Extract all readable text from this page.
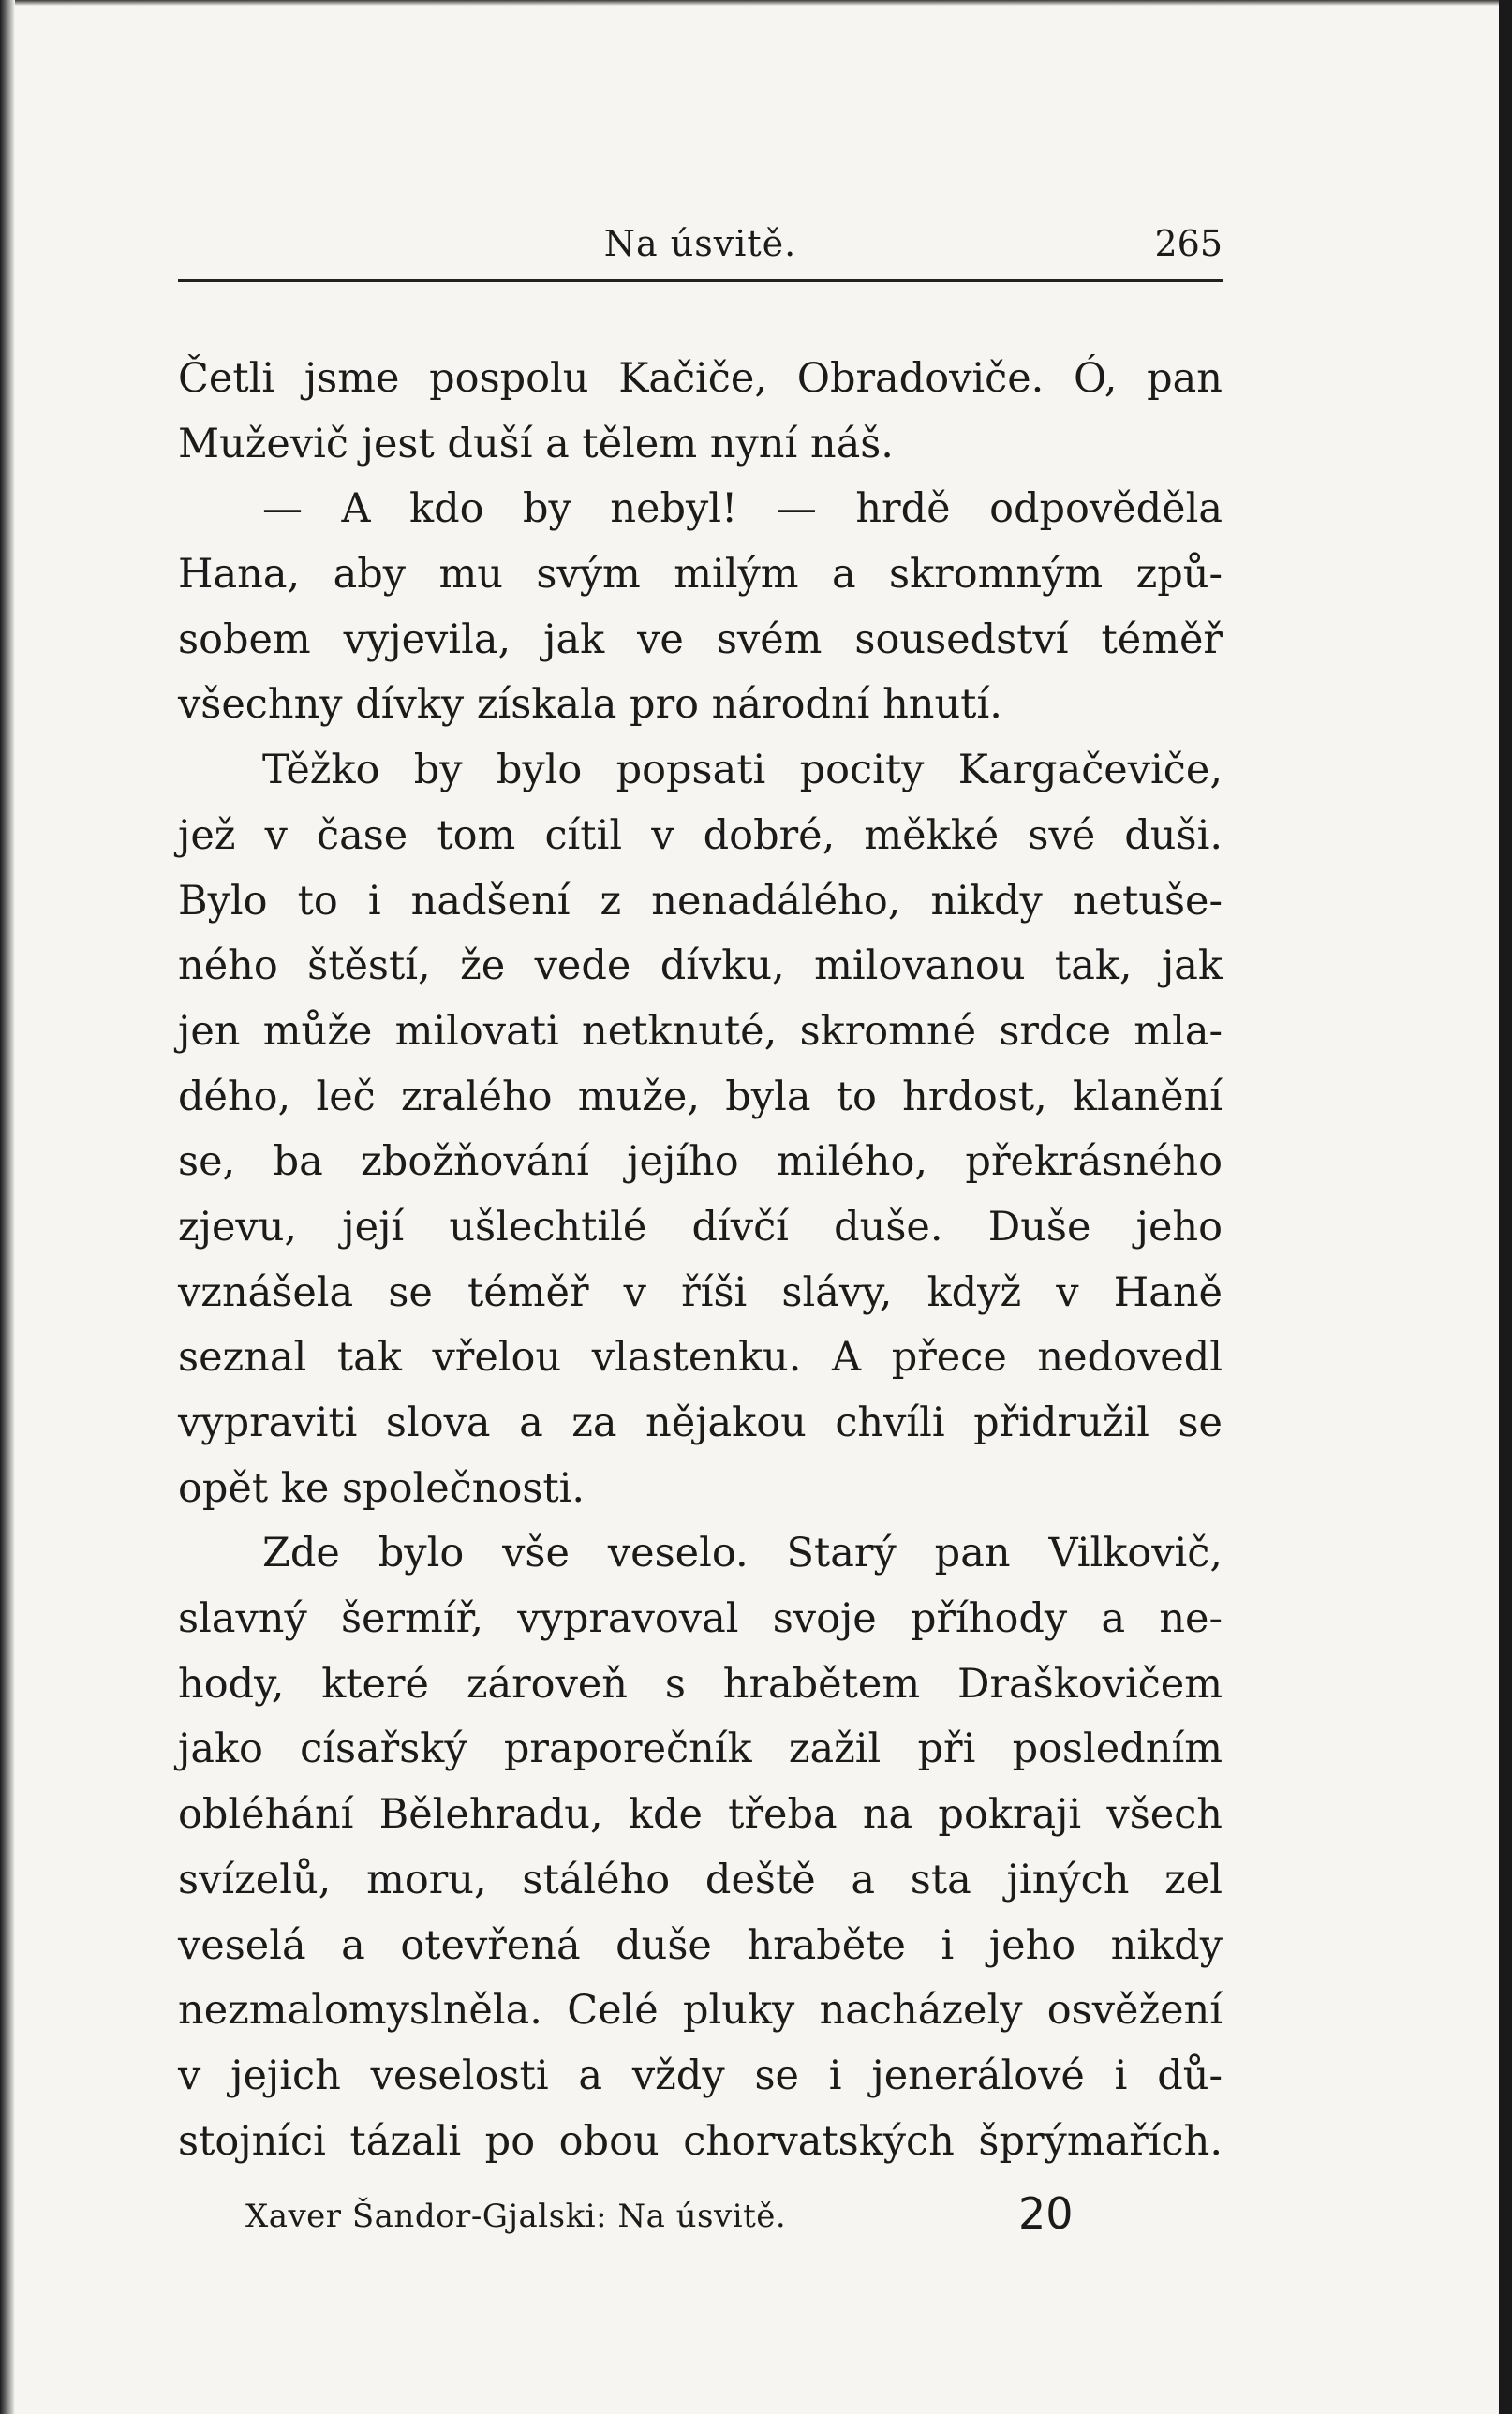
Na úsvitě.	265
Četli jsme pospolu Kačiče, Obradoviče. Ó, pan
Muževič jest duší a tělem nyní náš.
— A kdo by nebyl! — hrdě odpověděla
Hana, aby mu svým milým a skromným způ-
sobem vyjevila, jak ve svém sousedství téměř
všechny dívky získala pro národní hnutí.
Těžko by bylo popsati pocity Kargačeviče,
jež v čase tom cítil v dobré, měkké své duši.
Bylo to i nadšení z nenadálého, nikdy netuše-
ného štěstí, že vede dívku, milovanou tak, jak
jen může milovati netknuté, skromné srdce mla-
dého, leč zralého muže, byla to hrdost, klanění
se, ba zbožňování jejího milého, překrásného
zjevu, její ušlechtilé dívčí duše. Duše jeho
vznášela se téměř v říši slávy, když v Haně
seznal tak vřelou vlastenku. A přece nedovedl
vypraviti slova a za nějakou chvíli přidružil se
opět ke společnosti.
Zde bylo vše veselo. Starý pan Vilkovič,
slavný šermíř, vypravoval svoje příhody a ne-
hody, které zároveň s hrabětem Draškovičem
jako císařský praporečník zažil při posledním
obléhání Bělehradu, kde třeba na pokraji všech
svízelů, moru, stálého deště a sta jiných zel
veselá a otevřená duše hraběte i jeho nikdy
nezmalomyslněla. Celé pluky nacházely osvěžení
v jejich veselosti a vždy se i jenerálové i dů-
stojníci tázali po obou chorvatských šprýmařích.
Xaver Šandor-Gjalski: Na úsvitě.	20
